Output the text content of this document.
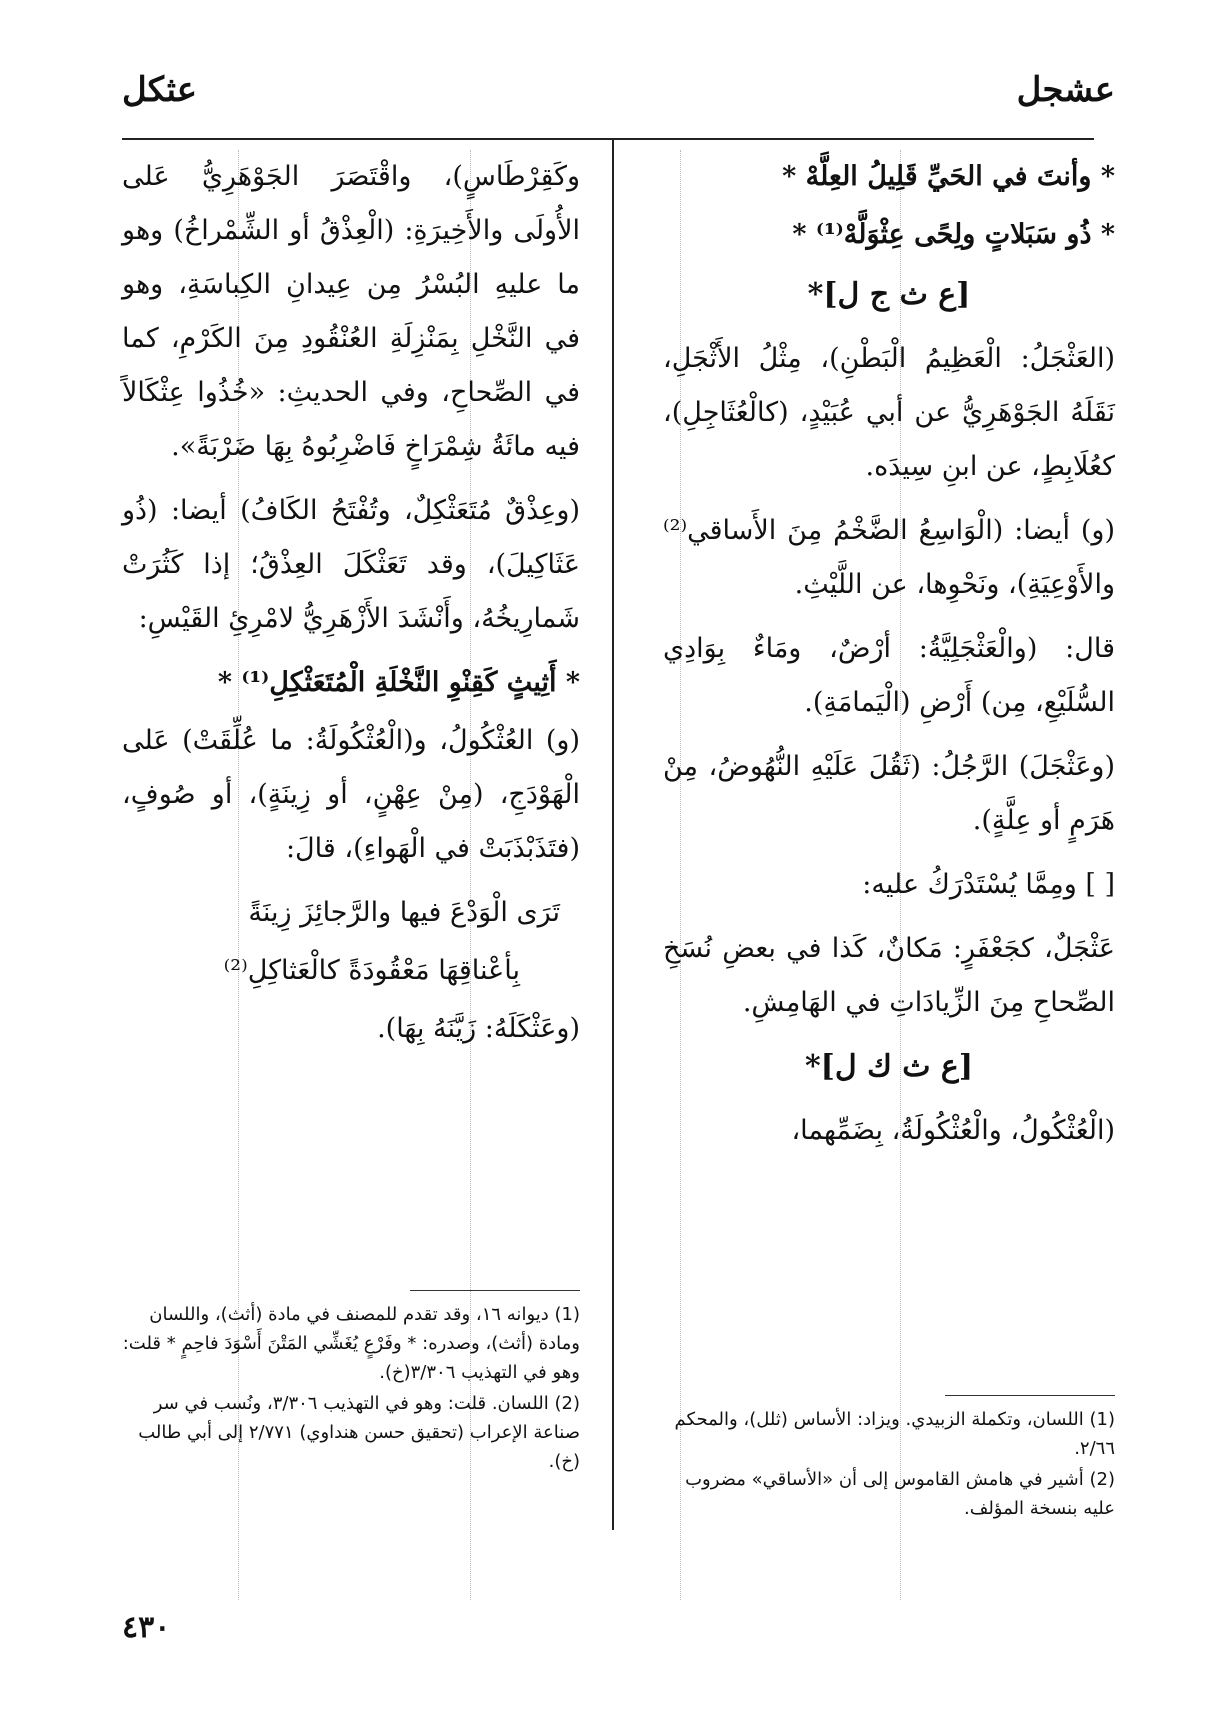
عشجل
عثكل

* وأنتَ في الحَيِّ قَلِيلُ العِلَّهْ *

* ذُو سَبَلاتٍ ولِحًى عِثْوَلَّهْ⁽¹⁾ *

[ع ث ج ل]*

(العَثْجَلُ: الْعَظِيمُ الْبَطْنِ)، مِثْلُ الأَثْجَلِ، نَقَلَهُ الجَوْهَرِيُّ عن أبي عُبَيْدٍ، (كالْعُثَاجِلِ)، كعُلَابِطٍ، عن ابنِ سِيدَه.

(و) أيضا: (الْوَاسِعُ الضَّخْمُ مِنَ الأَساقي⁽²⁾ والأَوْعِيَةِ)، ونَحْوِها، عن اللَّيْثِ.

قال: (والْعَثْجَلِيَّةُ: أرْضٌ، ومَاءٌ بِوَادِي السُّلَيْعِ، مِن) أَرْضِ (الْيَمامَةِ).

(وعَثْجَلَ) الرَّجُلُ: (ثَقُلَ عَلَيْهِ النُّهُوضُ، مِنْ هَرَمٍ أو عِلَّةٍ).

[ ] ومِمَّا يُسْتَدْرَكُ عليه:

عَثْجَلٌ، كجَعْفَرٍ: مَكانٌ، كَذا في بعضِ نُسَخِ الصِّحاحِ مِنَ الزِّيادَاتِ في الهَامِشِ.

[ع ث ك ل]*

(الْعُثْكُولُ، والْعُثْكُولَةُ، بِضَمِّهما،

(1) اللسان، وتكملة الزبيدي. ويزاد: الأساس (ثلل)، والمحكم ٢/٦٦.

(2) أشير في هامش القاموس إلى أن «الأساقي» مضروب عليه بنسخة المؤلف.

وكَقِرْطَاسٍ)، واقْتَصَرَ الجَوْهَرِيُّ عَلى الأُولَى والأَخِيرَةِ: (الْعِذْقُ أو الشِّمْراخُ) وهو ما عليهِ البُسْرُ مِن عِيدانِ الكِباسَةِ، وهو في النَّخْلِ بِمَنْزِلَةِ العُنْقُودِ مِنَ الكَرْمِ، كما في الصِّحاحِ، وفي الحديثِ: «خُذُوا عِثْكَالاً فيه مائَةُ شِمْرَاخٍ فَاضْرِبُوهُ بِهَا ضَرْبَةً».

(وعِذْقٌ مُتَعَثْكِلٌ، وتُفْتَحُ الكَافُ) أيضا: (ذُو عَثَاكِيلَ)، وقد تَعَثْكَلَ العِذْقُ؛ إذا كَثُرَتْ شَمارِيخُهُ، وأَنْشَدَ الأَزْهَرِيُّ لامْرِئِ القَيْسِ:

* أَثِيثٍ كَقِنْوِ النَّخْلَةِ الْمُتَعَثْكِلِ⁽¹⁾ *

(و) العُثْكُولُ، و(الْعُثْكُولَةُ: ما عُلِّقَتْ) عَلى الْهَوْدَجِ، (مِنْ عِهْنٍ، أو زِينَةٍ)، أو صُوفٍ، (فتَذَبْذَبَتْ في الْهَواءِ)، قالَ:

تَرَى الْوَدْعَ فيها والرَّجائِزَ زِينَةً

بِأعْناقِهَا مَعْقُودَةً كالْعَثاكِلِ⁽²⁾

(وعَثْكَلَهُ: زَيَّنَهُ بِهَا).

(1) ديوانه ١٦، وقد تقدم للمصنف في مادة (أثث)، واللسان ومادة (أثث)، وصدره: * وفَرْعٍ يُغَشِّي المَتْنَ أَسْوَدَ فاحِمٍ * قلت: وهو في التهذيب ٣/٣٠٦(خ).

(2) اللسان. قلت: وهو في التهذيب ٣/٣٠٦، ونُسب في سر صناعة الإعراب (تحقيق حسن هنداوي) ٢/٧٧١ إلى أبي طالب (خ).

٤٣٠
